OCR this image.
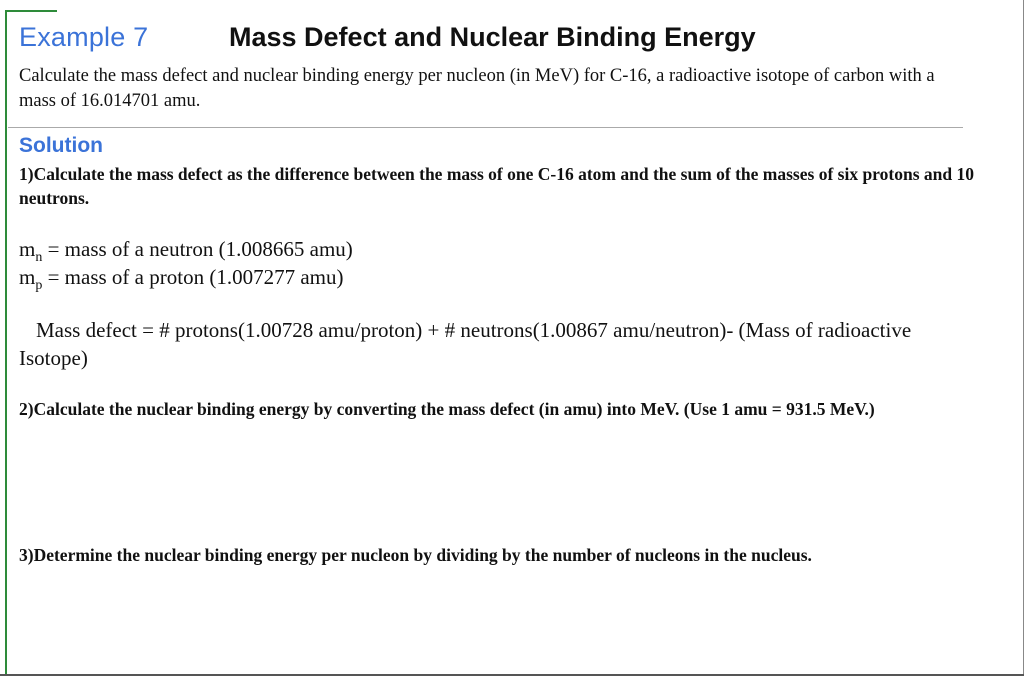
Example 7	Mass Defect and Nuclear Binding Energy
Calculate the mass defect and nuclear binding energy per nucleon (in MeV) for C-16, a radioactive isotope of carbon with a mass of 16.014701 amu.
Solution
1)Calculate the mass defect as the difference between the mass of one C-16 atom and the sum of the masses of six protons and 10 neutrons.
$m_n$ = mass of a neutron (1.008665 amu)
$m_p$ = mass of a proton (1.007277 amu)
Mass defect = # protons(1.00728 amu/proton) + # neutrons(1.00867 amu/neutron)- (Mass of radioactive Isotope)
2)Calculate the nuclear binding energy by converting the mass defect (in amu) into MeV. (Use 1 amu = 931.5 MeV.)
3)Determine the nuclear binding energy per nucleon by dividing by the number of nucleons in the nucleus.
